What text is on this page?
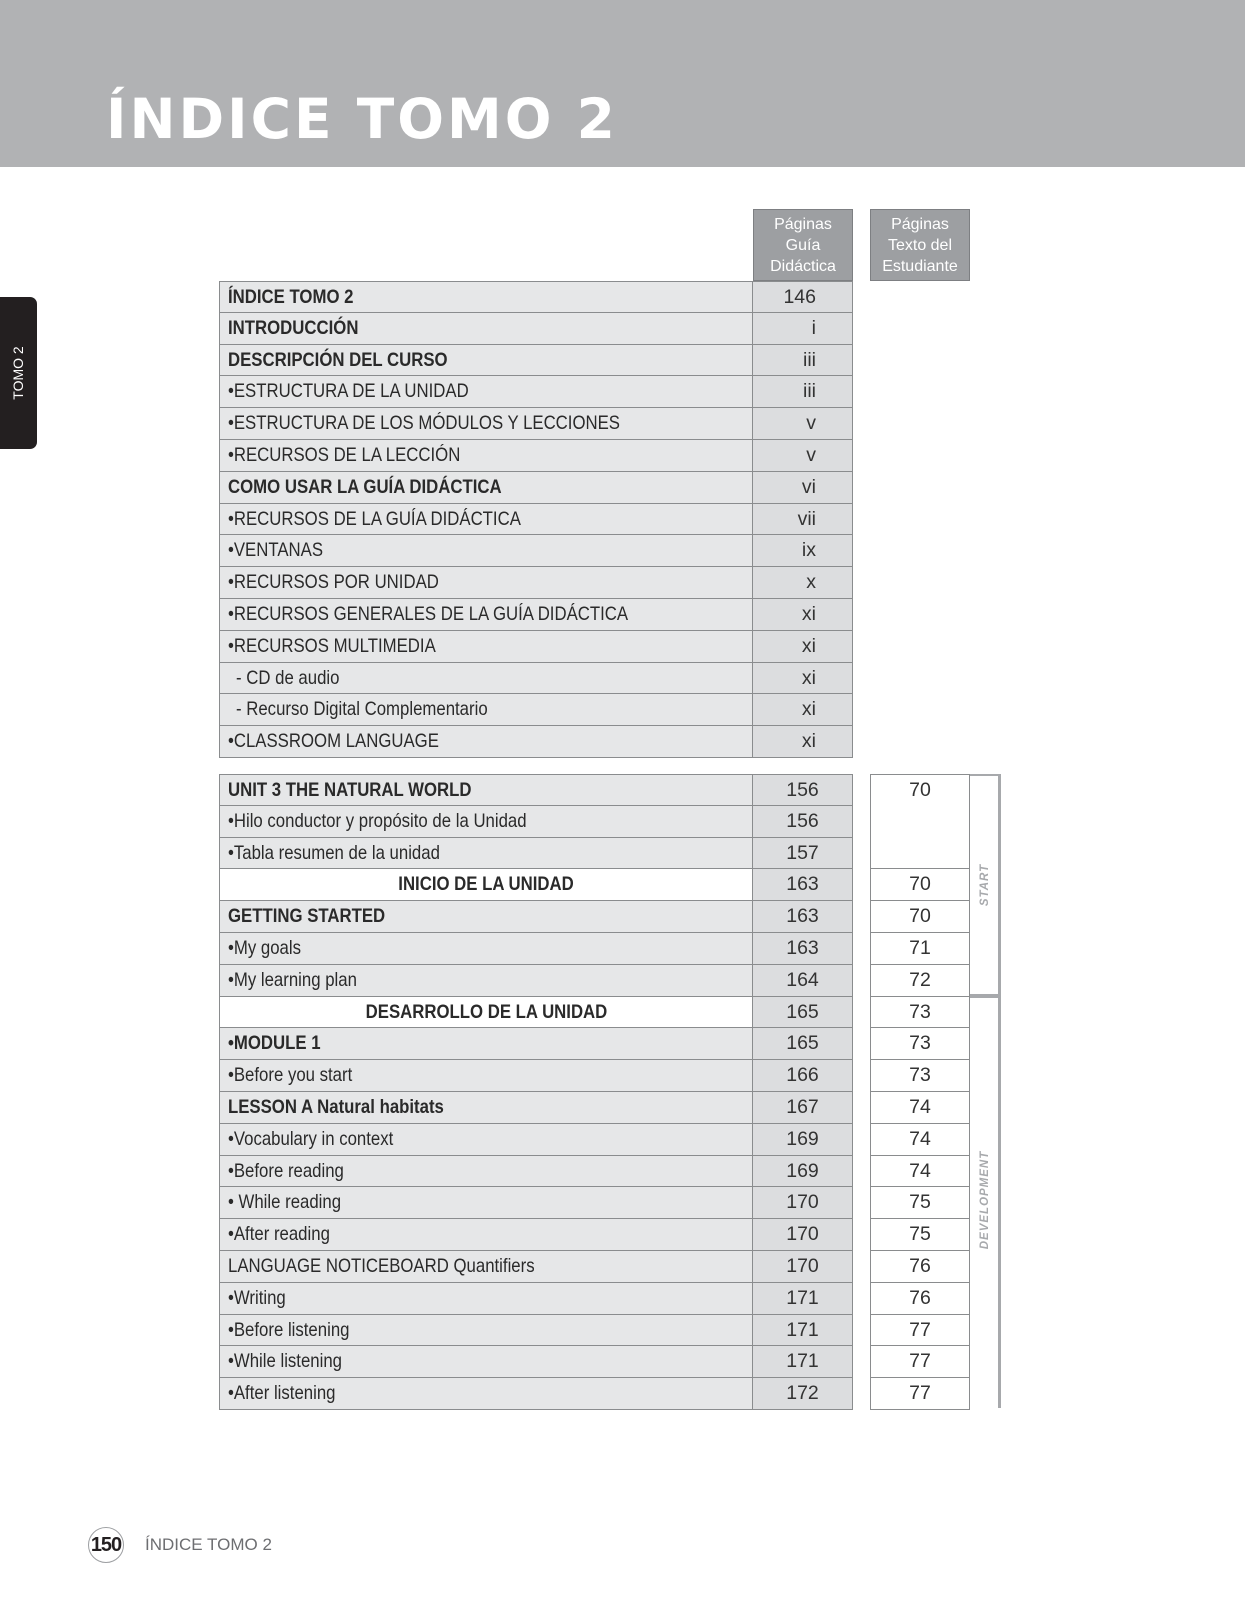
ÍNDICE TOMO 2
TOMO 2
Páginas
Guía
Didáctica
Páginas
Texto del
Estudiante
ÍNDICE TOMO 2	146
INTRODUCCIÓN	i
DESCRIPCIÓN DEL CURSO	iii
•ESTRUCTURA DE LA UNIDAD	iii
•ESTRUCTURA DE LOS MÓDULOS Y LECCIONES	v
•RECURSOS DE LA LECCIÓN	v
COMO USAR LA GUÍA DIDÁCTICA	vi
•RECURSOS DE LA GUÍA DIDÁCTICA	vii
•VENTANAS	ix
•RECURSOS POR UNIDAD	x
•RECURSOS GENERALES DE LA GUÍA DIDÁCTICA	xi
•RECURSOS MULTIMEDIA	xi
- CD de audio	xi
- Recurso Digital Complementario	xi
•CLASSROOM LANGUAGE	xi
UNIT 3 THE NATURAL WORLD	156	70
•Hilo conductor y propósito de la Unidad	156
•Tabla resumen de la unidad	157
INICIO DE LA UNIDAD	163	70
GETTING STARTED	163	70
•My goals	163	71
•My learning plan	164	72
DESARROLLO DE LA UNIDAD	165	73
•MODULE 1	165	73
•Before you start	166	73
LESSON A Natural habitats	167	74
•Vocabulary in context	169	74
•Before reading	169	74
• While reading	170	75
•After reading	170	75
LANGUAGE NOTICEBOARD Quantifiers	170	76
•Writing	171	76
•Before listening	171	77
•While listening	171	77
•After listening	172	77
START
DEVELOPMENT
150 ÍNDICE TOMO 2
